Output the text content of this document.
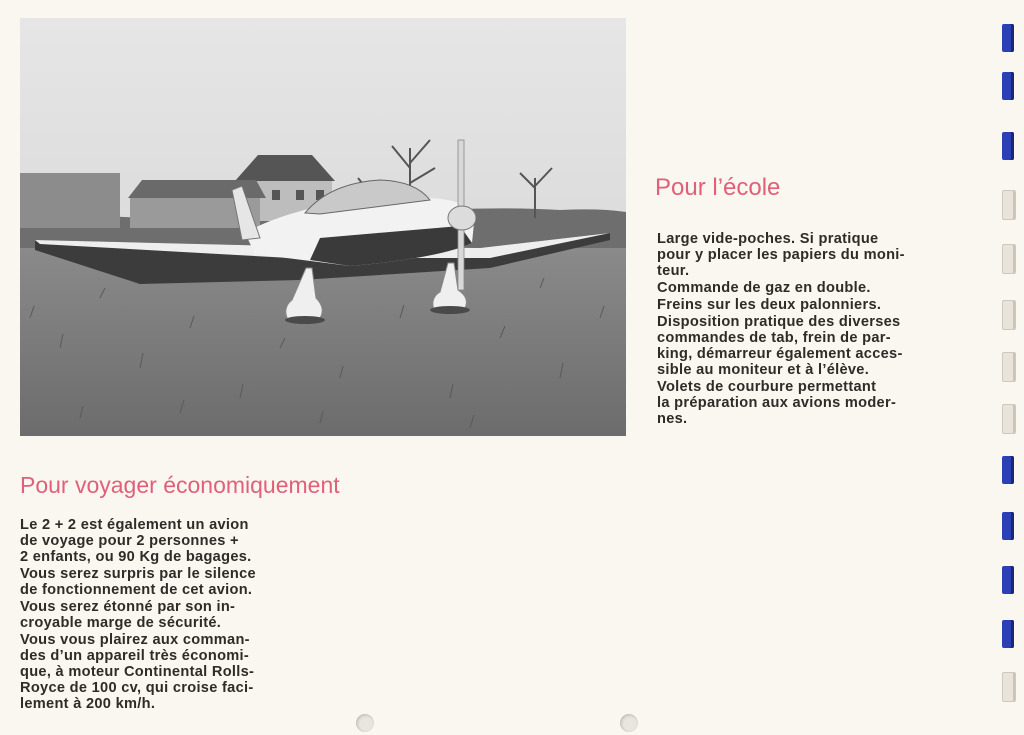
Pour l’école

Large vide-poches. Si pratique
pour y placer les papiers du moni-
teur.

Commande de gaz en double.

Freins sur les deux palonniers.

Disposition pratique des diverses
commandes de tab, frein de par-
king, démarreur également acces-
sible au moniteur et à l’élève.

Volets de courbure permettant
la préparation aux avions moder-
nes.

Pour voyager économiquement

Le 2 + 2 est également un avion
de voyage pour 2 personnes +
2 enfants, ou 90 Kg de bagages.

Vous serez surpris par le silence
de fonctionnement de cet avion.

Vous serez étonné par son in-
croyable marge de sécurité.

Vous vous plairez aux comman-
des d’un appareil très économi-
que, à moteur Continental Rolls-
Royce de 100 cv, qui croise faci-
lement à 200 km/h.
